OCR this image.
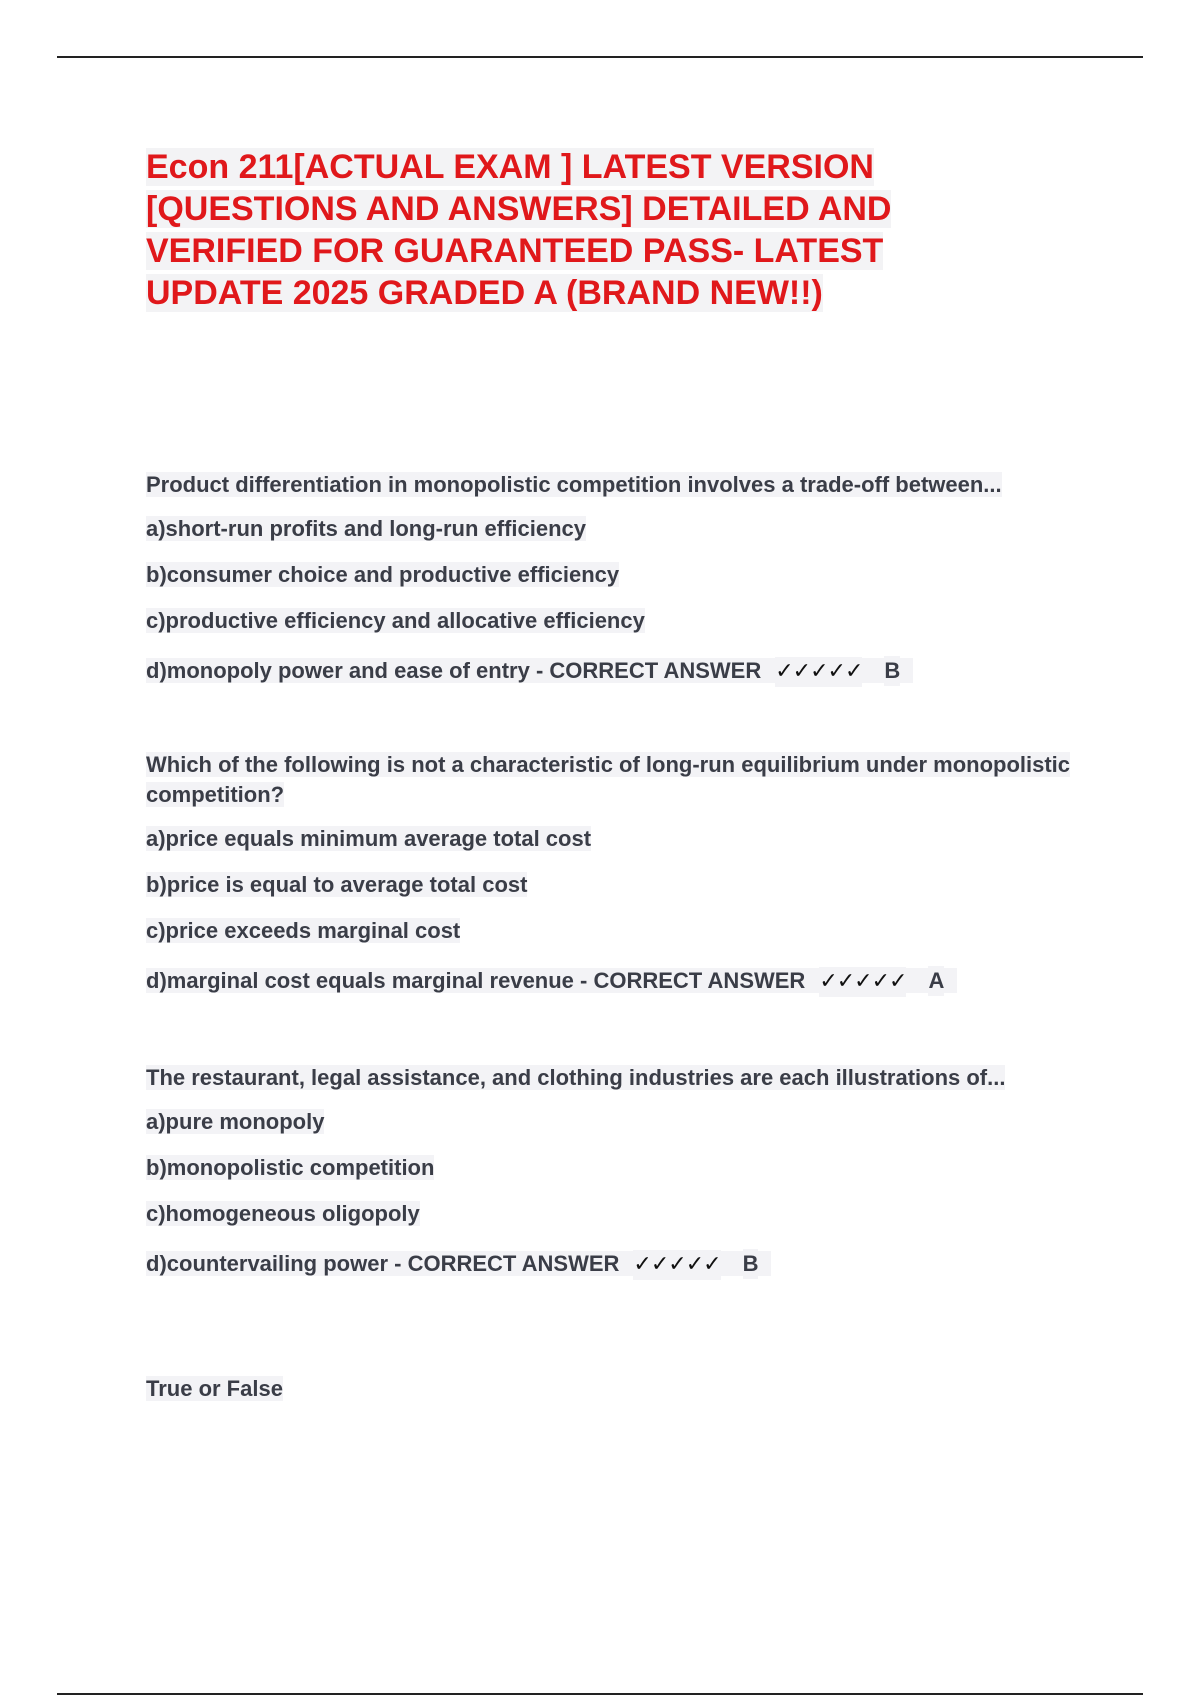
Econ 211[ACTUAL EXAM ] LATEST VERSION [QUESTIONS AND ANSWERS] DETAILED AND VERIFIED FOR GUARANTEED PASS- LATEST UPDATE 2025 GRADED A (BRAND NEW!!)

Product differentiation in monopolistic competition involves a trade-off between...

a)short-run profits and long-run efficiency
b)consumer choice and productive efficiency
c)productive efficiency and allocative efficiency
d)monopoly power and ease of entry - CORRECT ANSWER ✓✓✓✓✓ B

Which of the following is not a characteristic of long-run equilibrium under monopolistic competition?

a)price equals minimum average total cost
b)price is equal to average total cost
c)price exceeds marginal cost
d)marginal cost equals marginal revenue - CORRECT ANSWER ✓✓✓✓✓ A

The restaurant, legal assistance, and clothing industries are each illustrations of...

a)pure monopoly
b)monopolistic competition
c)homogeneous oligopoly
d)countervailing power - CORRECT ANSWER ✓✓✓✓✓ B

True or False
